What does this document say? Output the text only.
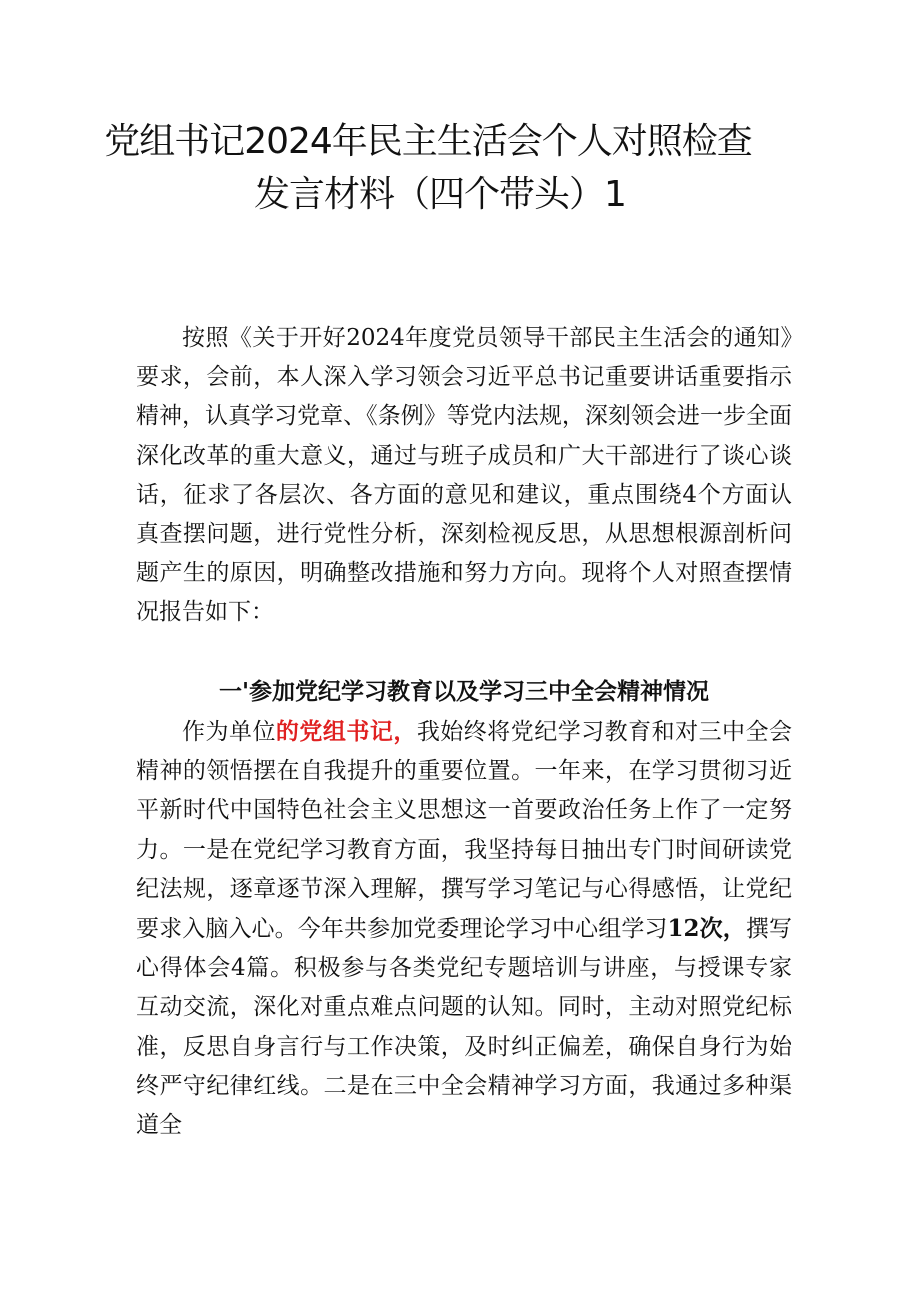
党组书记2024年民主生活会个人对照检查
发言材料（四个带头）1

按照《关于开好2024年度党员领导干部民主生活会的通知》要求，会前，本人深入学习领会习近平总书记重要讲话重要指示精神，认真学习党章、《条例》等党内法规，深刻领会进一步全面深化改革的重大意义，通过与班子成员和广大干部进行了谈心谈话，征求了各层次、各方面的意见和建议，重点围绕4个方面认真查摆问题，进行党性分析，深刻检视反思，从思想根源剖析问题产生的原因，明确整改措施和努力方向。现将个人对照查摆情况报告如下：

一'参加党纪学习教育以及学习三中全会精神情况

作为单位的党组书记，我始终将党纪学习教育和对三中全会精神的领悟摆在自我提升的重要位置。一年来，在学习贯彻习近平新时代中国特色社会主义思想这一首要政治任务上作了一定努力。一是在党纪学习教育方面，我坚持每日抽出专门时间研读党纪法规，逐章逐节深入理解，撰写学习笔记与心得感悟，让党纪要求入脑入心。今年共参加党委理论学习中心组学习12次，撰写心得体会4篇。积极参与各类党纪专题培训与讲座，与授课专家互动交流，深化对重点难点问题的认知。同时，主动对照党纪标准，反思自身言行与工作决策，及时纠正偏差，确保自身行为始终严守纪律红线。二是在三中全会精神学习方面，我通过多种渠道全
